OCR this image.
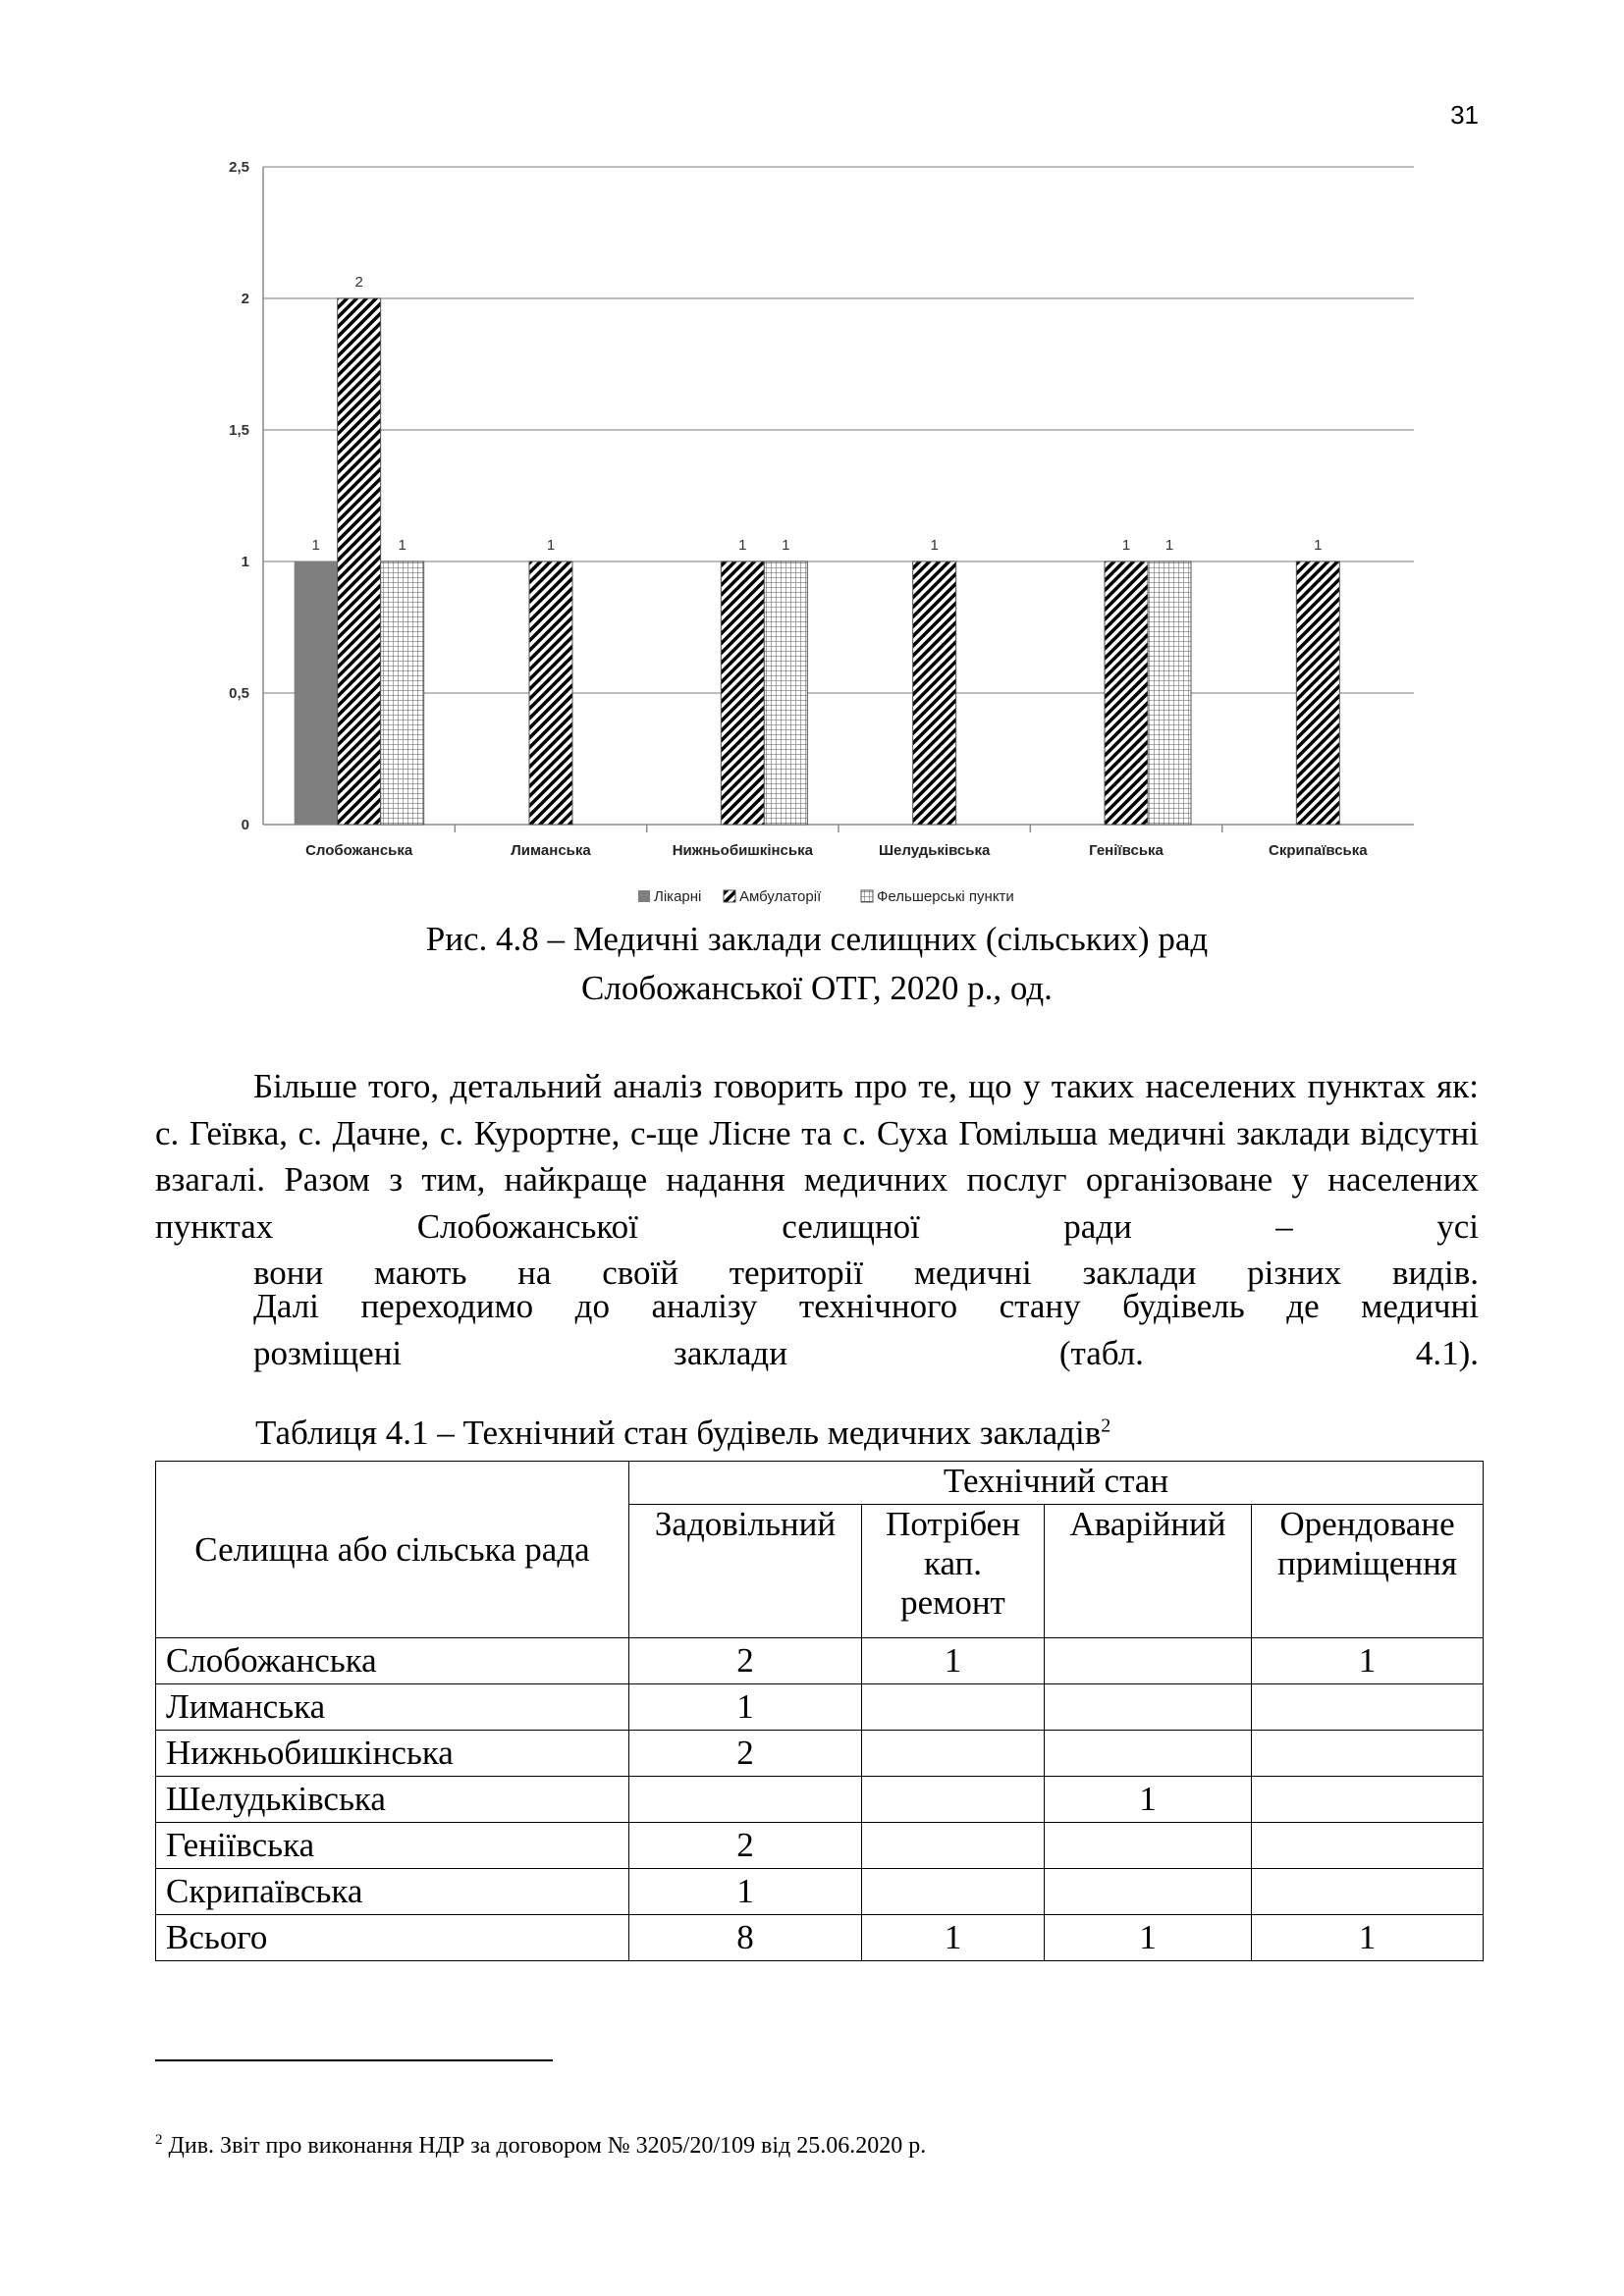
31
0
0,5
1
1,5
2
2,5
Слобожанська	Лиманська	Нижньобишкінська	Шелудьківська	Геніївська	Скрипаївська
1
2
1	1	1 1	1	1 1	1
Лікарні	Амбулаторії	Фельшерські пункти
Рис. 4.8 – Медичні заклади селищних (сільських) рад
Слобожанської ОТГ, 2020 р., од.

Більше того, детальний аналіз говорить про те, що у таких населених пунктах як: с. Геївка, с. Дачне, с. Курортне, с-ще Лісне та с. Суха Гомільша медичні заклади відсутні взагалі. Разом з тим, найкраще надання медичних послуг організоване у населених пунктах Слобожанської селищної ради – усі
вони мають на своїй території медичні заклади різних видів.

Далі переходимо до аналізу технічного стану будівель де медичні
розміщені заклади (табл. 4.1).

Таблиця 4.1 – Технічний стан будівель медичних закладів$^2$
Селищна або сільська рада	Технічний стан			
	Задовільний	Потрібен кап. ремонт	Аварійний	Орендоване приміщення
Слобожанська	2	1		1
Лиманська	1			
Нижньобишкінська	2			
Шелудьківська			1	
Геніївська	2			
Скрипаївська	1			
Всього	8	1	1	1
$^2$ Див. Звіт про виконання НДР за договором № 3205/20/109 від 25.06.2020 р.
